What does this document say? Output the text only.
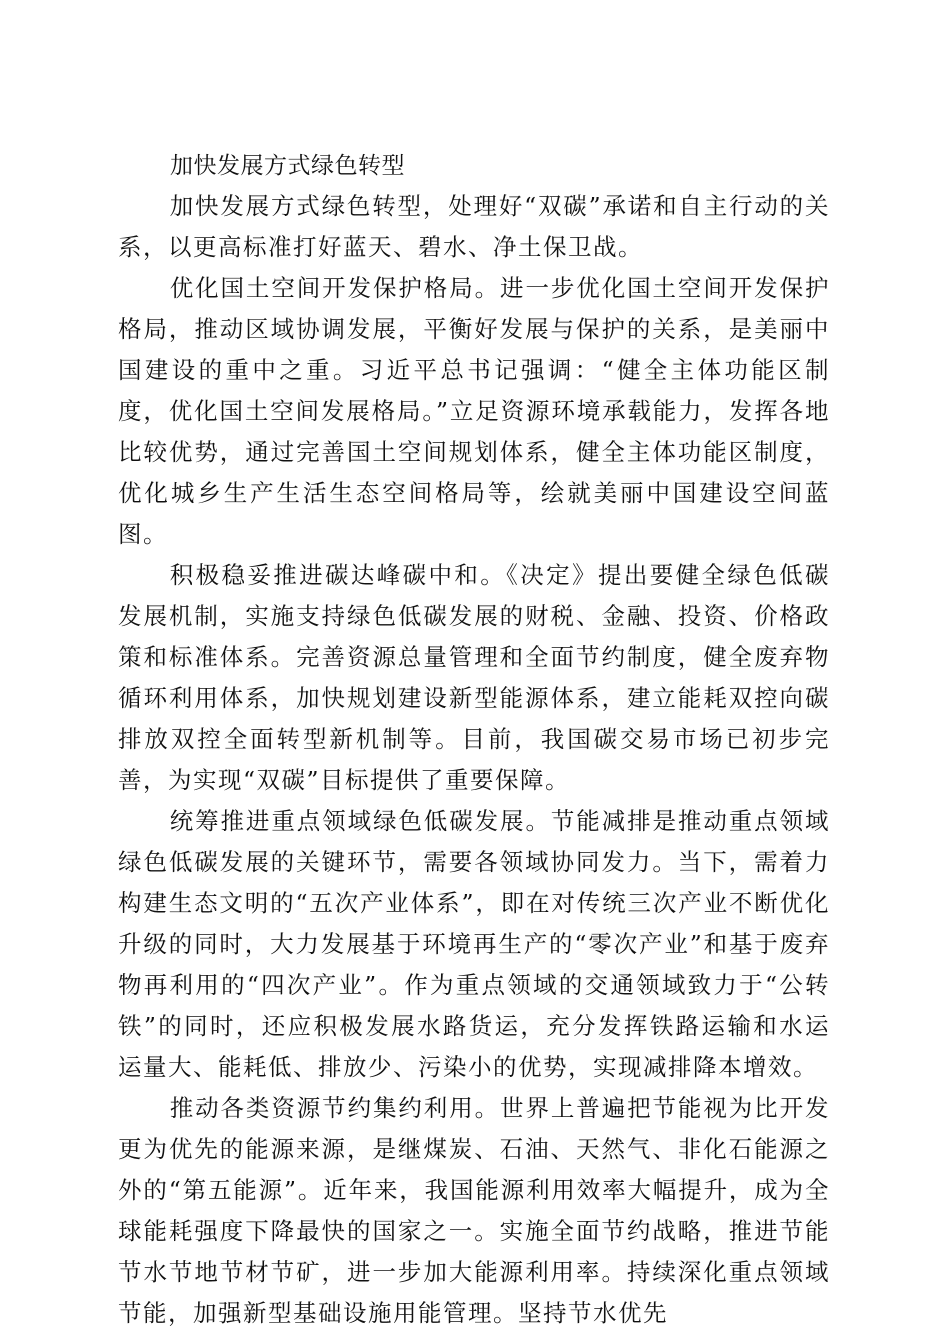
加快发展方式绿色转型

加快发展方式绿色转型，处理好“双碳”承诺和自主行动的关系，以更高标准打好蓝天、碧水、净土保卫战。

优化国土空间开发保护格局。进一步优化国土空间开发保护格局，推动区域协调发展，平衡好发展与保护的关系，是美丽中国建设的重中之重。习近平总书记强调：“健全主体功能区制度，优化国土空间发展格局。”立足资源环境承载能力，发挥各地比较优势，通过完善国土空间规划体系，健全主体功能区制度，优化城乡生产生活生态空间格局等，绘就美丽中国建设空间蓝图。

积极稳妥推进碳达峰碳中和。《决定》提出要健全绿色低碳发展机制，实施支持绿色低碳发展的财税、金融、投资、价格政策和标准体系。完善资源总量管理和全面节约制度，健全废弃物循环利用体系，加快规划建设新型能源体系，建立能耗双控向碳排放双控全面转型新机制等。目前，我国碳交易市场已初步完善，为实现“双碳”目标提供了重要保障。

统筹推进重点领域绿色低碳发展。节能减排是推动重点领域绿色低碳发展的关键环节，需要各领域协同发力。当下，需着力构建生态文明的“五次产业体系”，即在对传统三次产业不断优化升级的同时，大力发展基于环境再生产的“零次产业”和基于废弃物再利用的“四次产业”。作为重点领域的交通领域致力于“公转铁”的同时，还应积极发展水路货运，充分发挥铁路运输和水运运量大、能耗低、排放少、污染小的优势，实现减排降本增效。

推动各类资源节约集约利用。世界上普遍把节能视为比开发更为优先的能源来源，是继煤炭、石油、天然气、非化石能源之外的“第五能源”。近年来，我国能源利用效率大幅提升，成为全球能耗强度下降最快的国家之一。实施全面节约战略，推进节能节水节地节材节矿，进一步加大能源利用率。持续深化重点领域节能，加强新型基础设施用能管理。坚持节水优先
